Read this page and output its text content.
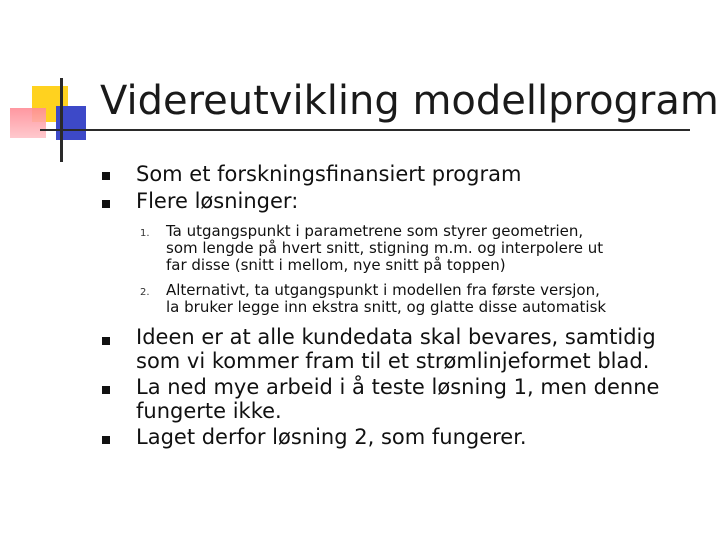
Videreutvikling modellprogram
Som et forskningsfinansiert program
Flere løsninger:
1. Ta utgangspunkt i parametrene som styrer geometrien,
som lengde på hvert snitt, stigning m.m. og interpolere ut
far disse (snitt i mellom, nye snitt på toppen)
2. Alternativt, ta utgangspunkt i modellen fra første versjon,
la bruker legge inn ekstra snitt, og glatte disse automatisk
Ideen er at alle kundedata skal bevares, samtidig
som vi kommer fram til et strømlinjeformet blad.
La ned mye arbeid i å teste løsning 1, men denne
fungerte ikke.
Laget derfor løsning 2, som fungerer.
